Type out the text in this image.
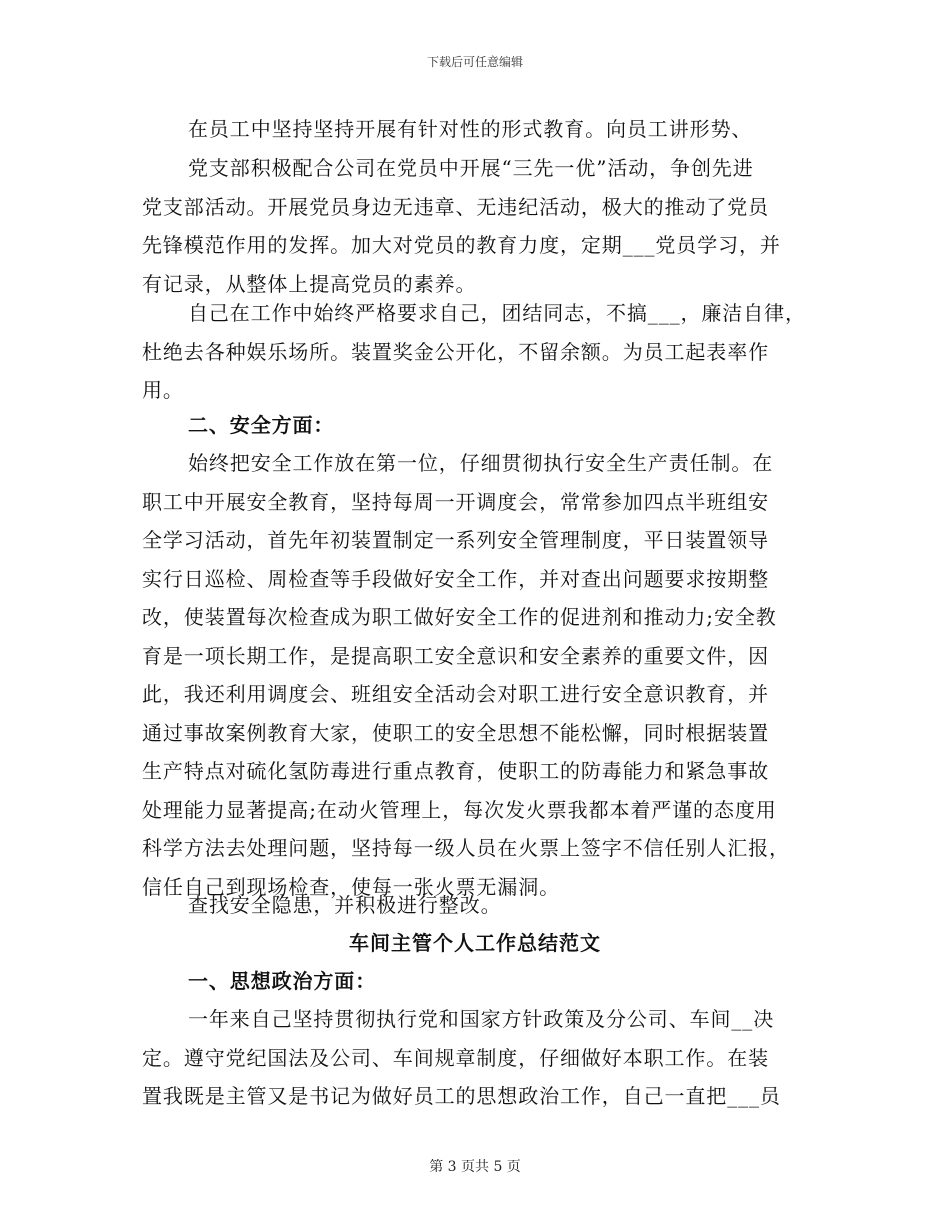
下载后可任意编辑
在员工中坚持坚持开展有针对性的形式教育。向员工讲形势、
党支部积极配合公司在党员中开展“三先一优”活动，争创先进
党支部活动。开展党员身边无违章、无违纪活动，极大的推动了党员
先锋模范作用的发挥。加大对党员的教育力度，定期___党员学习，并
有记录，从整体上提高党员的素养。
自己在工作中始终严格要求自己，团结同志，不搞___，廉洁自律，
杜绝去各种娱乐场所。装置奖金公开化，不留余额。为员工起表率作
用。
二、安全方面：
始终把安全工作放在第一位，仔细贯彻执行安全生产责任制。在
职工中开展安全教育，坚持每周一开调度会，常常参加四点半班组安
全学习活动，首先年初装置制定一系列安全管理制度，平日装置领导
实行日巡检、周检查等手段做好安全工作，并对查出问题要求按期整
改，使装置每次检查成为职工做好安全工作的促进剂和推动力;安全教
育是一项长期工作，是提高职工安全意识和安全素养的重要文件，因
此，我还利用调度会、班组安全活动会对职工进行安全意识教育，并
通过事故案例教育大家，使职工的安全思想不能松懈，同时根据装置
生产特点对硫化氢防毒进行重点教育，使职工的防毒能力和紧急事故
处理能力显著提高;在动火管理上，每次发火票我都本着严谨的态度用
科学方法去处理问题，坚持每一级人员在火票上签字不信任别人汇报，
信任自己到现场检查，使每一张火票无漏洞。
查找安全隐患，并积极进行整改。
车间主管个人工作总结范文
一、思想政治方面：
一年来自己坚持贯彻执行党和国家方针政策及分公司、车间__决
定。遵守党纪国法及公司、车间规章制度，仔细做好本职工作。在装
置我既是主管又是书记为做好员工的思想政治工作，自己一直把___员
第 3 页共 5 页
